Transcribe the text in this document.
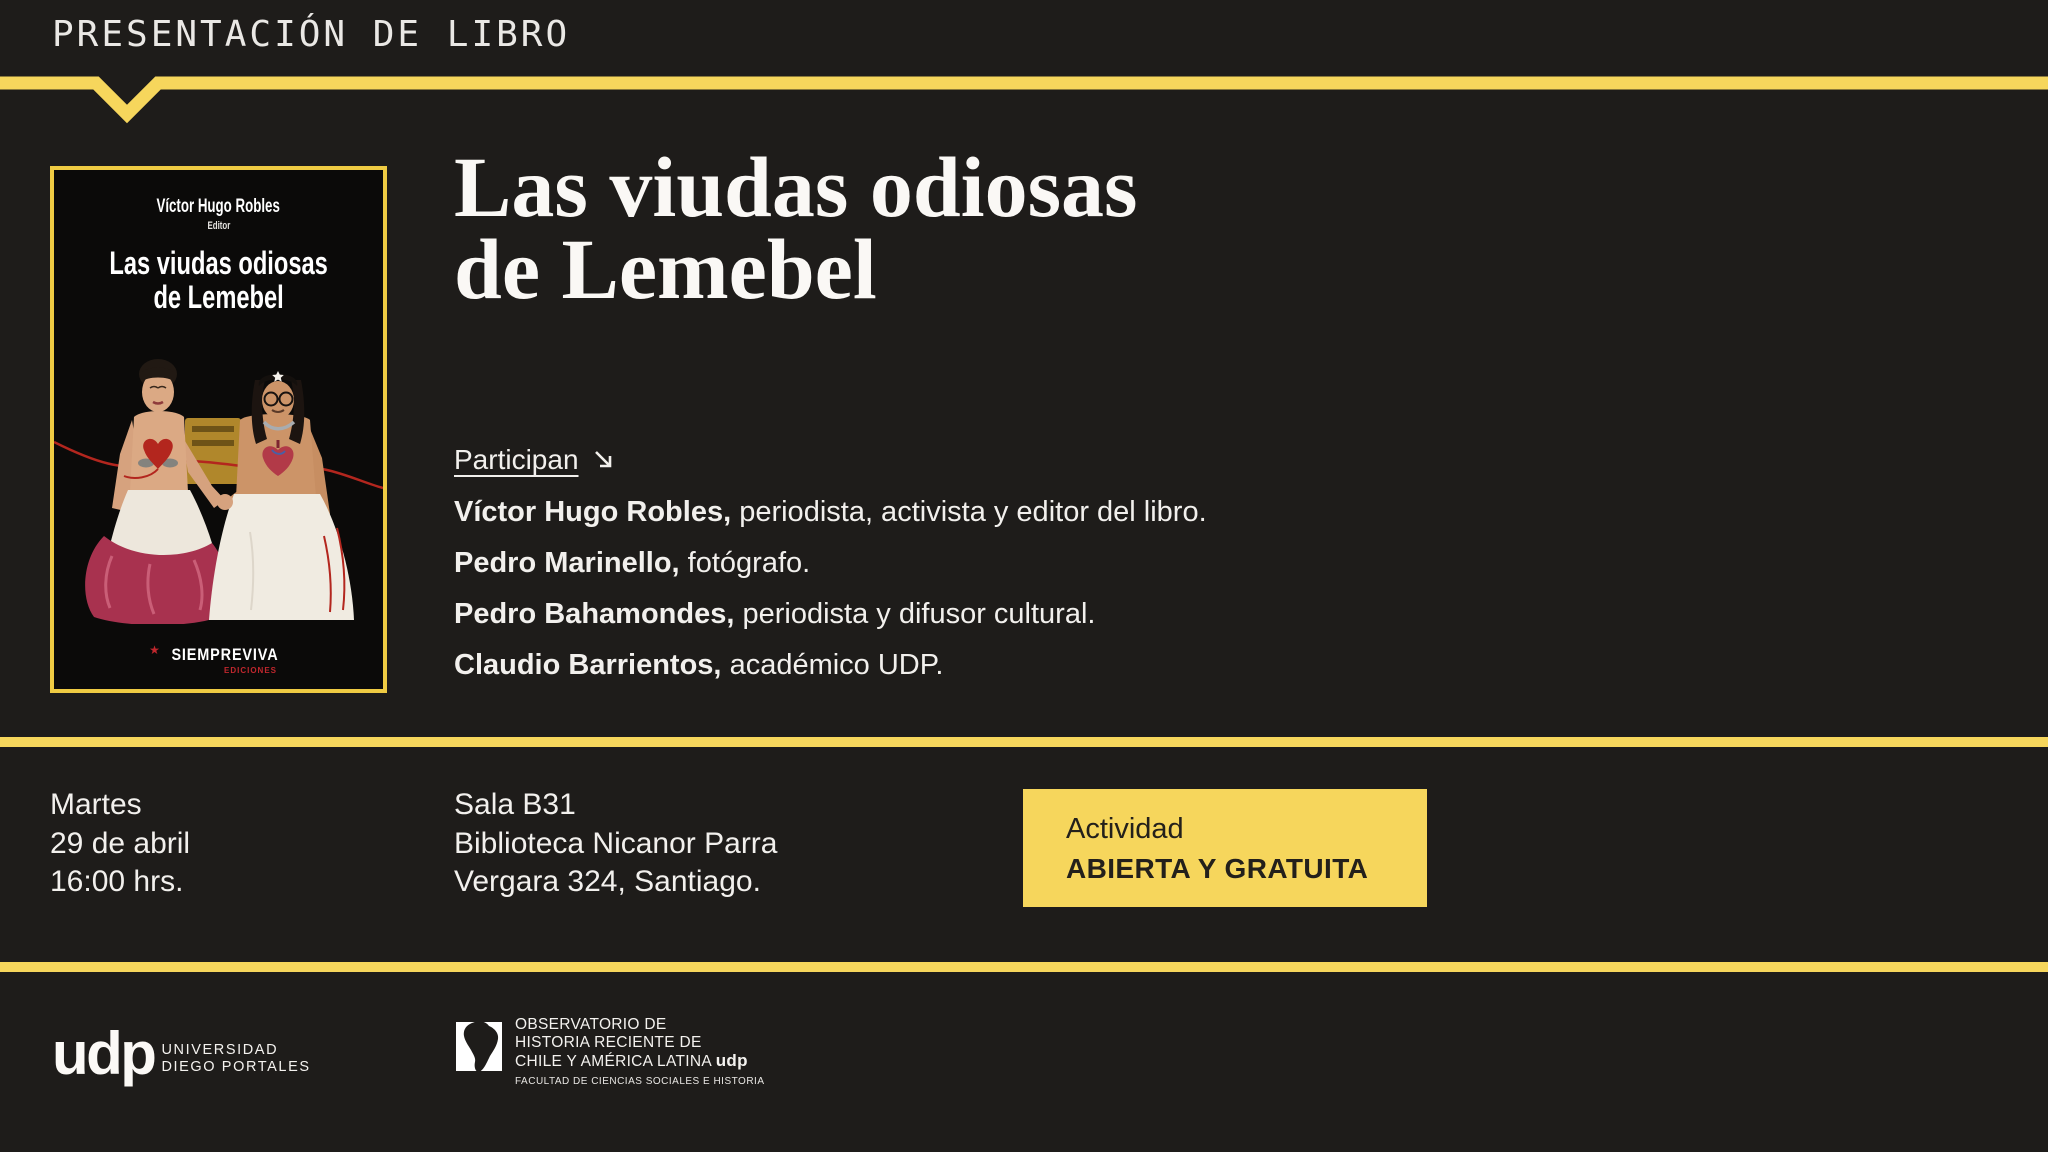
PRESENTACIÓN DE LIBRO
Víctor Hugo Robles
Editor
Las viudas odiosas
de Lemebel
★ SIEMPREVIVA
EDICIONES
Las viudas odiosas
de Lemebel
Participan
Víctor Hugo Robles, periodista, activista y editor del libro.
Pedro Marinello, fotógrafo.
Pedro Bahamondes, periodista y difusor cultural.
Claudio Barrientos, académico UDP.
Martes
29 de abril
16:00 hrs.
Sala B31
Biblioteca Nicanor Parra
Vergara 324, Santiago.
Actividad
ABIERTA Y GRATUITA
udp UNIVERSIDAD
DIEGO PORTALES
OBSERVATORIO DE
HISTORIA RECIENTE DE
CHILE Y AMÉRICA LATINA udp
FACULTAD DE CIENCIAS SOCIALES E HISTORIA
